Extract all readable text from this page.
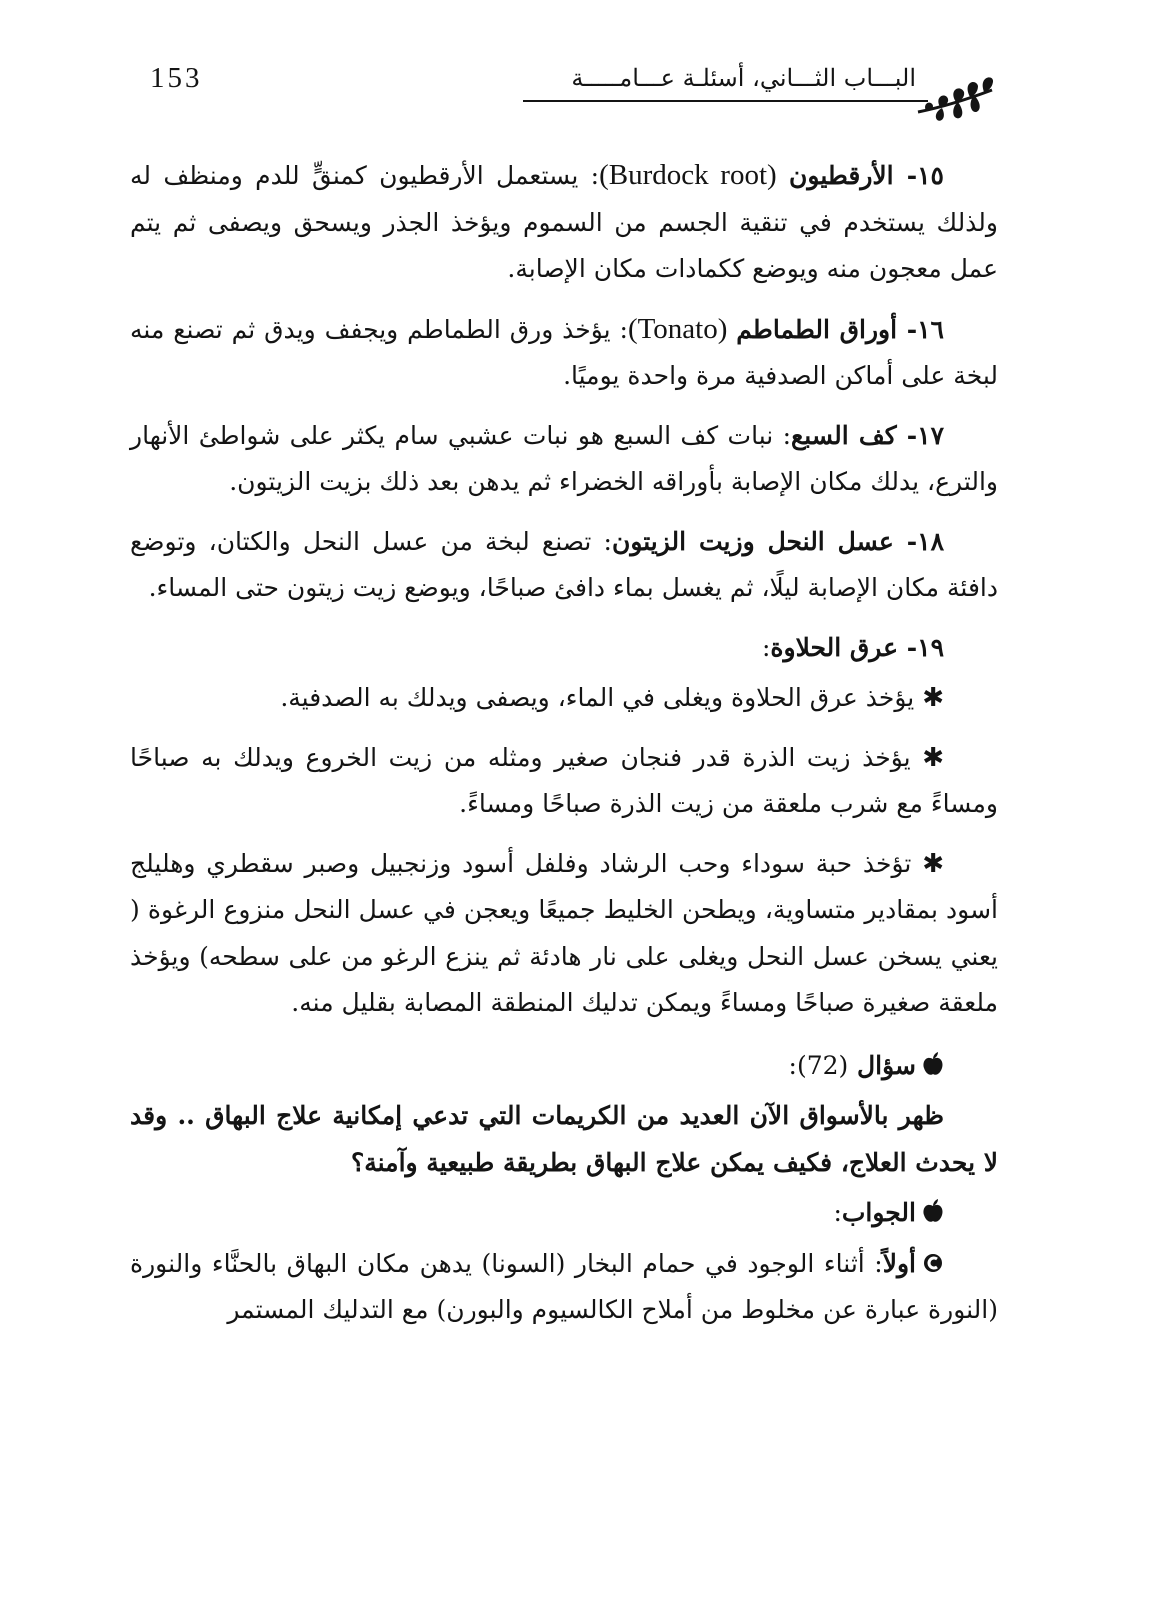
153	البـــاب الثـــاني، أسئلـة عـــامـــــة

١٥- الأرقطيون (Burdock root): يستعمل الأرقطيون كمنقٍّ للدم ومنظف له ولذلك يستخدم في تنقية الجسم من السموم ويؤخذ الجذر ويسحق ويصفى ثم يتم عمل معجون منه ويوضع ككمادات مكان الإصابة.

١٦- أوراق الطماطم (Tonato): يؤخذ ورق الطماطم ويجفف ويدق ثم تصنع منه لبخة على أماكن الصدفية مرة واحدة يوميًا.

١٧- كف السبع: نبات كف السبع هو نبات عشبي سام يكثر على شواطئ الأنهار والترع، يدلك مكان الإصابة بأوراقه الخضراء ثم يدهن بعد ذلك بزيت الزيتون.

١٨- عسل النحل وزيت الزيتون: تصنع لبخة من عسل النحل والكتان، وتوضع دافئة مكان الإصابة ليلًا، ثم يغسل بماء دافئ صباحًا، ويوضع زيت زيتون حتى المساء.

١٩- عرق الحلاوة:

✱ يؤخذ عرق الحلاوة ويغلى في الماء، ويصفى ويدلك به الصدفية.

✱ يؤخذ زيت الذرة قدر فنجان صغير ومثله من زيت الخروع ويدلك به صباحًا ومساءً مع شرب ملعقة من زيت الذرة صباحًا ومساءً.

✱ تؤخذ حبة سوداء وحب الرشاد وفلفل أسود وزنجبيل وصبر سقطري وهليلج أسود بمقادير متساوية، ويطحن الخليط جميعًا ويعجن في عسل النحل منزوع الرغوة ( يعني يسخن عسل النحل ويغلى على نار هادئة ثم ينزع الرغو من على سطحه) ويؤخذ ملعقة صغيرة صباحًا ومساءً ويمكن تدليك المنطقة المصابة بقليل منه.

سؤال (72):

ظهر بالأسواق الآن العديد من الكريمات التي تدعي إمكانية علاج البهاق .. وقد لا يحدث العلاج، فكيف يمكن علاج البهاق بطريقة طبيعية وآمنة؟

الجواب:

أولاً: أثناء الوجود في حمام البخار (السونا) يدهن مكان البهاق بالحنَّاء والنورة (النورة عبارة عن مخلوط من أملاح الكالسيوم والبورن) مع التدليك المستمر
